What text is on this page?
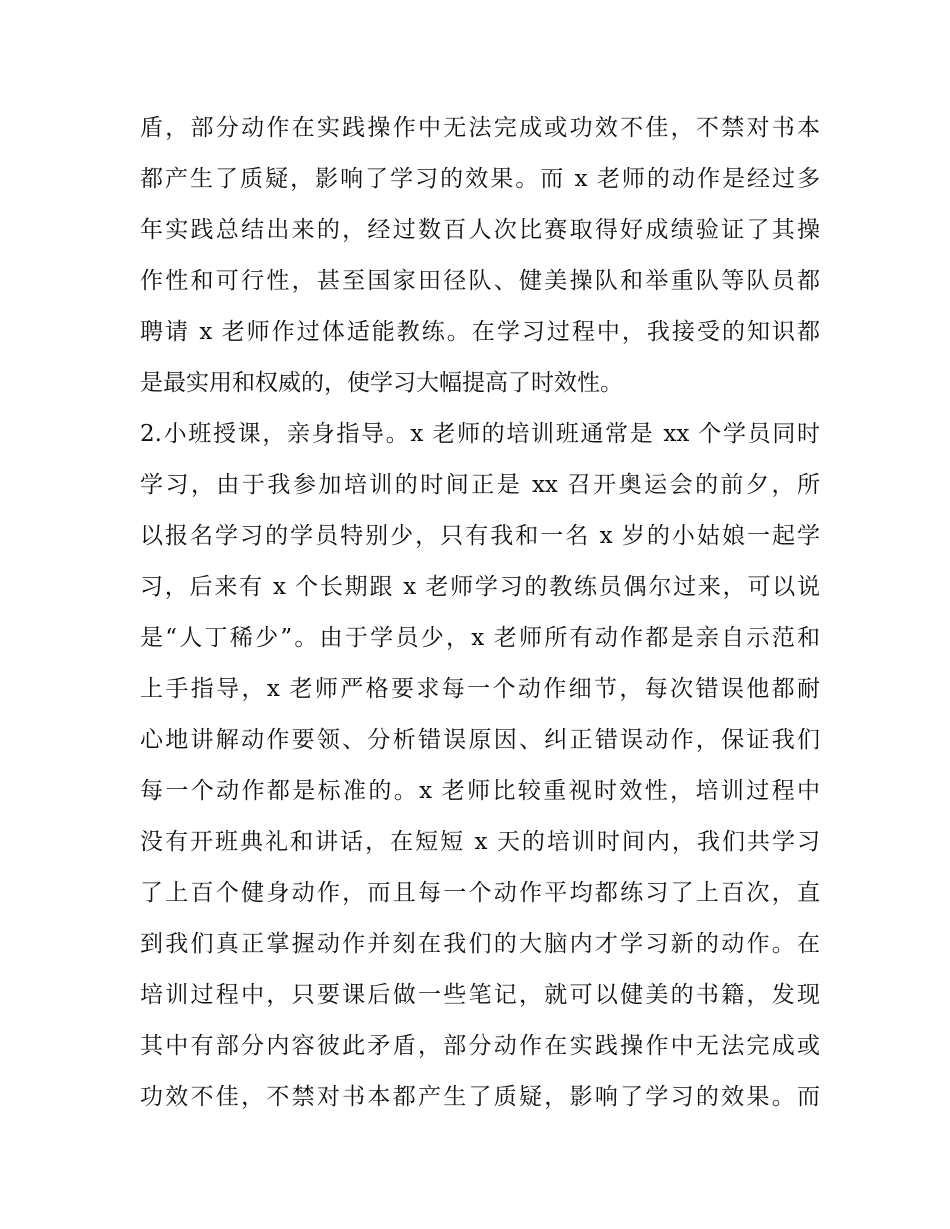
盾，部分动作在实践操作中无法完成或功效不佳，不禁对书本
都产生了质疑，影响了学习的效果。而 x 老师的动作是经过多
年实践总结出来的，经过数百人次比赛取得好成绩验证了其操
作性和可行性，甚至国家田径队、健美操队和举重队等队员都
聘请 x 老师作过体适能教练。在学习过程中，我接受的知识都
是最实用和权威的，使学习大幅提高了时效性。
2.小班授课，亲身指导。x 老师的培训班通常是 xx 个学员同时
学习，由于我参加培训的时间正是 xx 召开奥运会的前夕，所
以报名学习的学员特别少，只有我和一名 x 岁的小姑娘一起学
习，后来有 x 个长期跟 x 老师学习的教练员偶尔过来，可以说
是“人丁稀少”。由于学员少，x 老师所有动作都是亲自示范和
上手指导，x 老师严格要求每一个动作细节，每次错误他都耐
心地讲解动作要领、分析错误原因、纠正错误动作，保证我们
每一个动作都是标准的。x 老师比较重视时效性，培训过程中
没有开班典礼和讲话，在短短 x 天的培训时间内，我们共学习
了上百个健身动作，而且每一个动作平均都练习了上百次，直
到我们真正掌握动作并刻在我们的大脑内才学习新的动作。在
培训过程中，只要课后做一些笔记，就可以健美的书籍，发现
其中有部分内容彼此矛盾，部分动作在实践操作中无法完成或
功效不佳，不禁对书本都产生了质疑，影响了学习的效果。而
